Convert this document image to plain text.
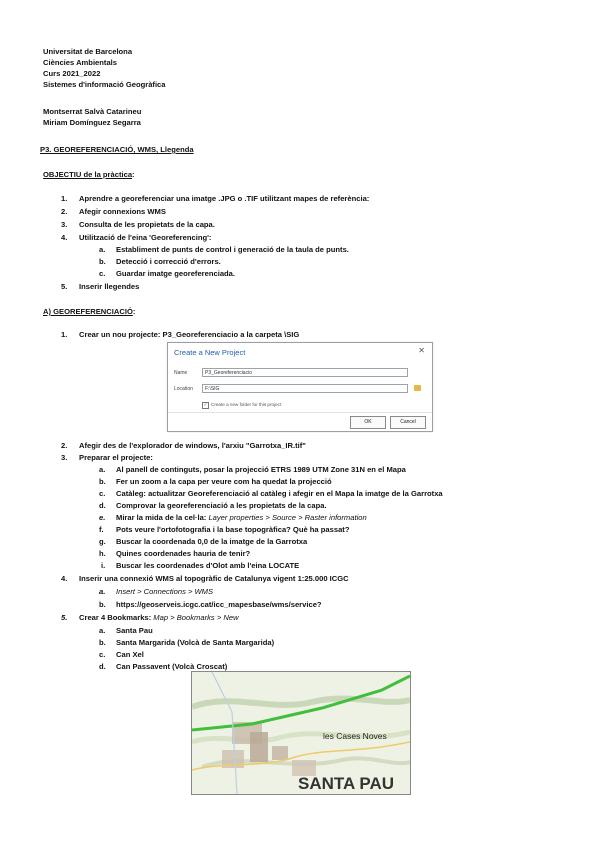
Universitat de Barcelona
Ciències Ambientals
Curs 2021_2022
Sistemes d'informació Geogràfica
Montserrat Salvà Catarineu
Miriam Domínguez Segarra
P3. GEOREFERENCIACIÓ, WMS, Llegenda
OBJECTIU de la pràctica:
1. Aprendre a georeferenciar una imatge .JPG o .TIF utilitzant mapes de referència:
2. Afegir connexions WMS
3. Consulta de les propietats de la capa.
4. Utilització de l'eina 'Georeferencing':
a. Establiment de punts de control i generació de la taula de punts.
b. Detecció i correcció d'errors.
c. Guardar imatge georeferenciada.
5. Inserir llegendes
A) GEOREFERENCIACIÓ:
1. Crear un nou projecte: P3_Georeferenciacio a la carpeta \SIG
Create a New Project	✕
Name	P3_Georeferenciacio
Location	F:\SIG
✓ Create a new folder for this project
OK	Cancel
2. Afegir des de l'explorador de windows, l'arxiu "Garrotxa_IR.tif"
3. Preparar el projecte:
a. Al panell de continguts, posar la projecció ETRS 1989 UTM Zone 31N en el Mapa
b. Fer un zoom a la capa per veure com ha quedat la projecció
c. Catàleg: actualitzar Georeferenciació al catàleg i afegir en el Mapa la imatge de la Garrotxa
d. Comprovar la georeferenciació a les propietats de la capa.
e. Mirar la mida de la cel·la: Layer properties > Source > Raster information
f. Pots veure l'ortofotografia i la base topogràfica? Què ha passat?
g. Buscar la coordenada 0,0 de la imatge de la Garrotxa
h. Quines coordenades hauria de tenir?
i. Buscar les coordenades d'Olot amb l'eina LOCATE
4. Inserir una connexió WMS al topogràfic de Catalunya vigent 1:25.000 ICGC
a. Insert > Connections > WMS
b. https://geoserveis.icgc.cat/icc_mapesbase/wms/service?
5. Crear 4 Bookmarks: Map > Bookmarks > New
a. Santa Pau
b. Santa Margarida (Volcà de Santa Margarida)
c. Can Xel
d. Can Passavent (Volcà Croscat)
les Cases Noves
SANTA PAU
